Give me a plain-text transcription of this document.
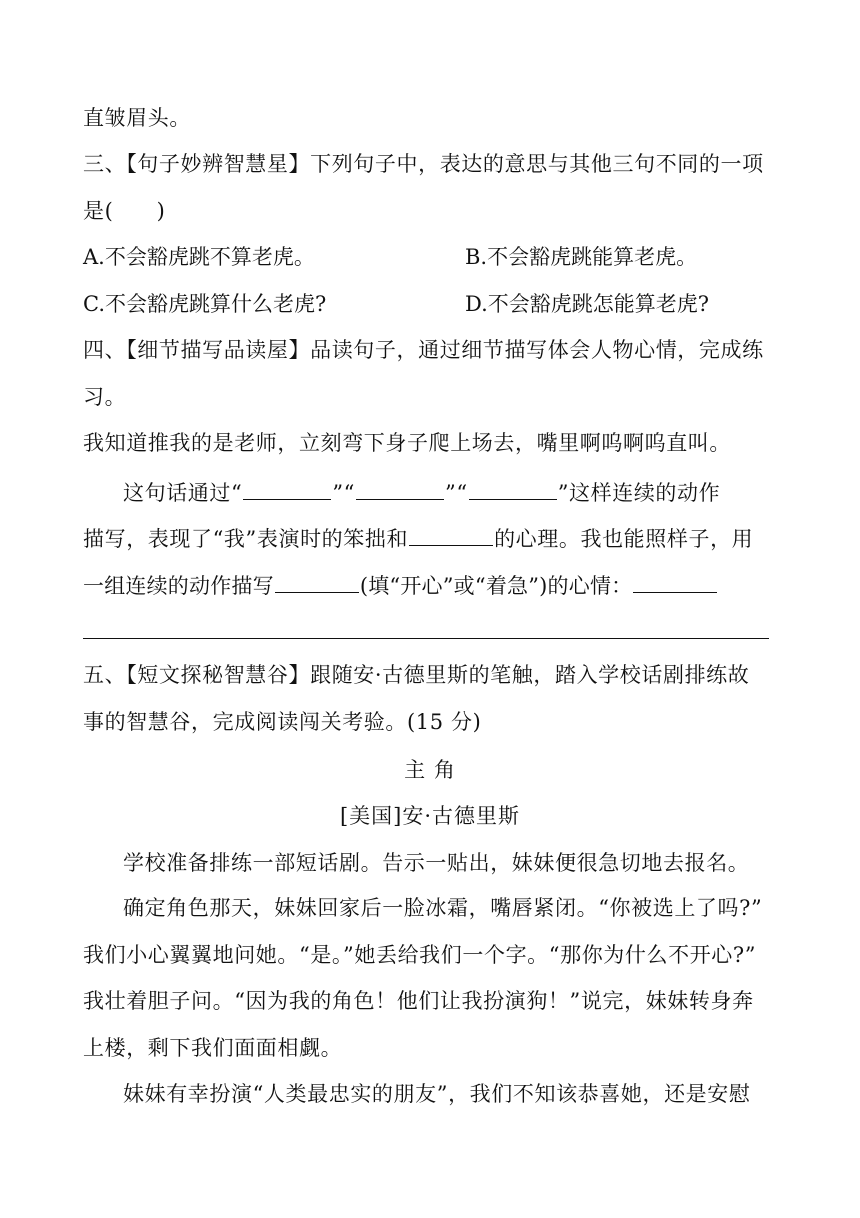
直皱眉头。
三、【句子妙辨智慧星】下列句子中，表达的意思与其他三句不同的一项
是(　　)
A.不会豁虎跳不算老虎。	B.不会豁虎跳能算老虎。
C.不会豁虎跳算什么老虎?	D.不会豁虎跳怎能算老虎?
四、【细节描写品读屋】品读句子，通过细节描写体会人物心情，完成练
习。
我知道推我的是老师，立刻弯下身子爬上场去，嘴里啊呜啊呜直叫。
这句话通过“	”“	”“	”这样连续的动作
描写，表现了“我”表演时的笨拙和	的心理。我也能照样子，用
一组连续的动作描写	(填“开心”或“着急”)的心情：
五、【短文探秘智慧谷】跟随安·古德里斯的笔触，踏入学校话剧排练故
事的智慧谷，完成阅读闯关考验。(15 分)
主 角
[美国]安·古德里斯
学校准备排练一部短话剧。告示一贴出，妹妹便很急切地去报名。
确定角色那天，妹妹回家后一脸冰霜，嘴唇紧闭。“你被选上了吗?”
我们小心翼翼地问她。“是。”她丢给我们一个字。“那你为什么不开心?”
我壮着胆子问。“因为我的角色！他们让我扮演狗！”说完，妹妹转身奔
上楼，剩下我们面面相觑。
妹妹有幸扮演“人类最忠实的朋友”，我们不知该恭喜她，还是安慰
